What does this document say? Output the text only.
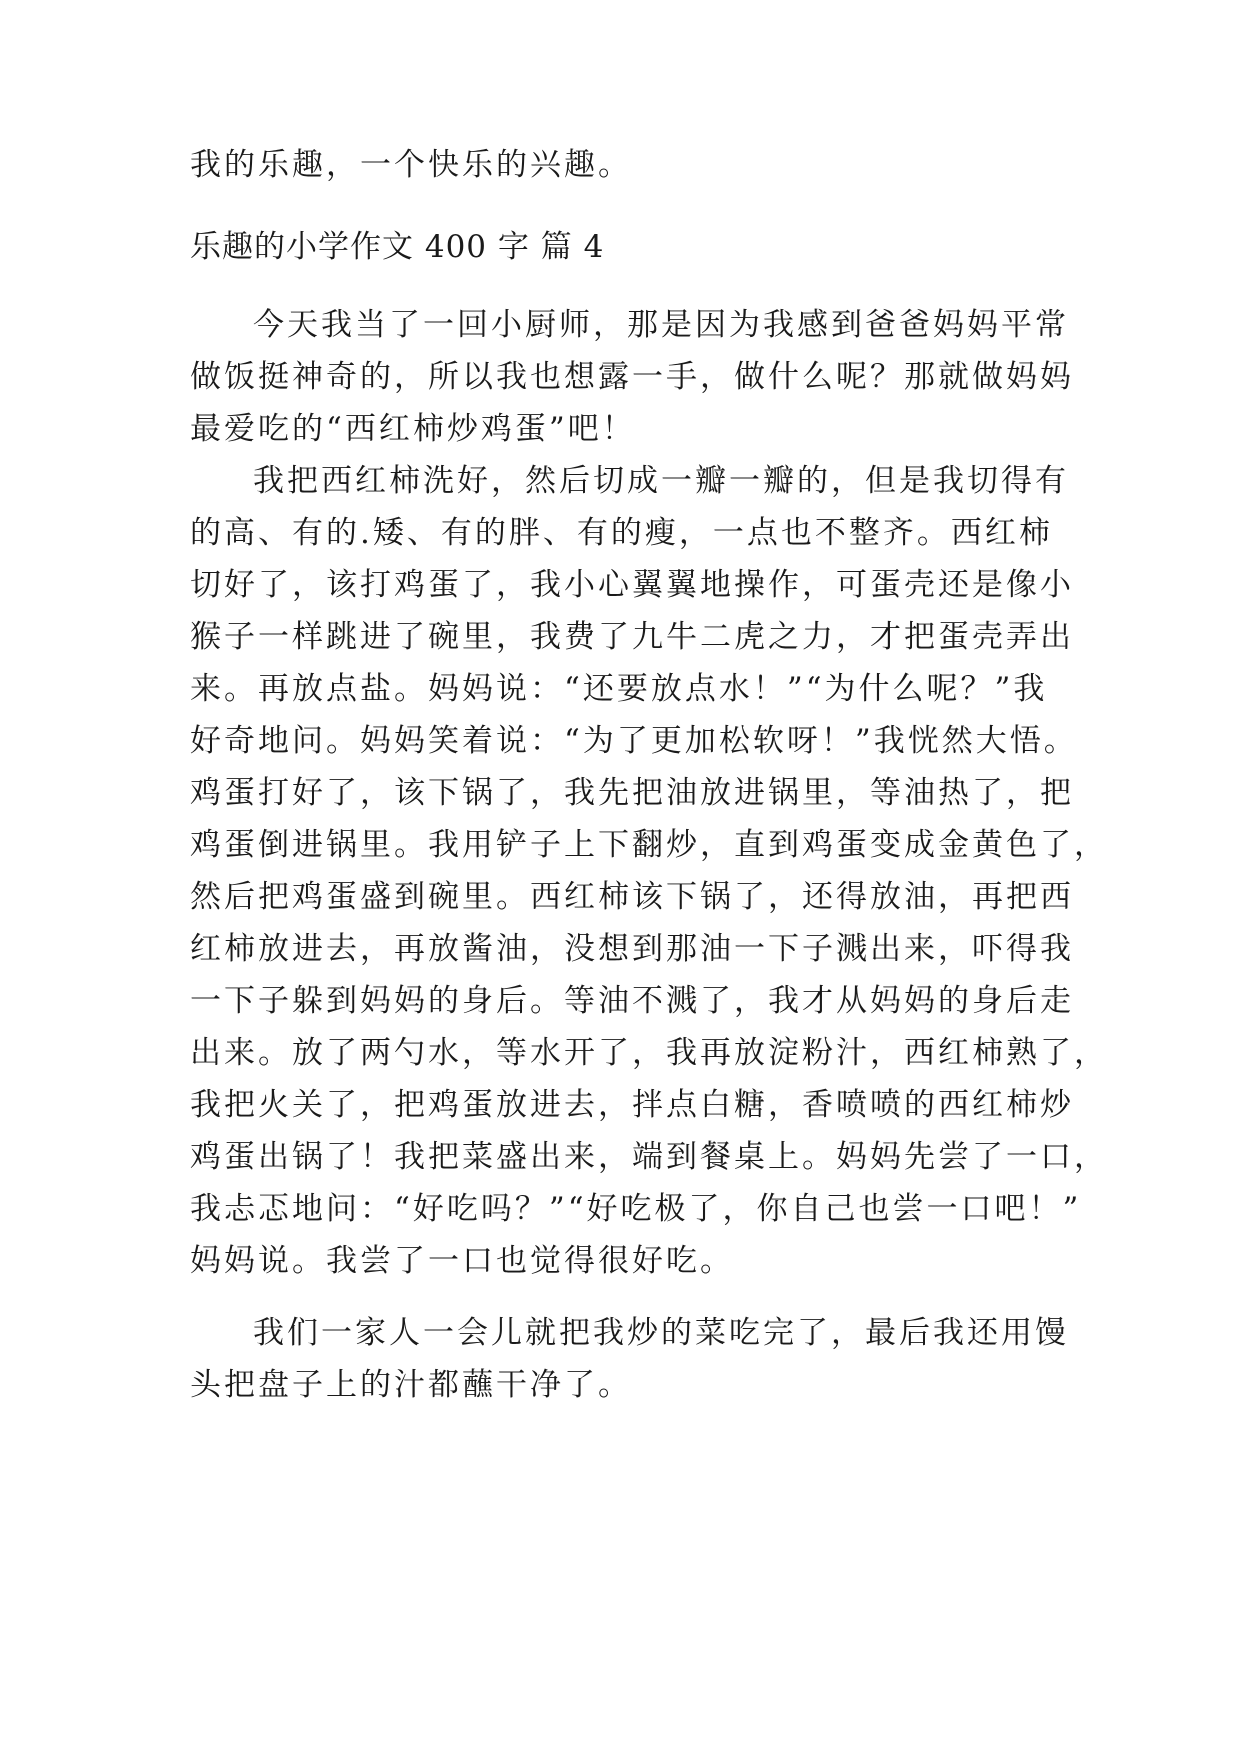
我的乐趣，一个快乐的兴趣。
乐趣的小学作文 400 字 篇 4
今天我当了一回小厨师，那是因为我感到爸爸妈妈平常
做饭挺神奇的，所以我也想露一手，做什么呢？那就做妈妈
最爱吃的“西红柿炒鸡蛋”吧！
我把西红柿洗好，然后切成一瓣一瓣的，但是我切得有
的高、有的.矮、有的胖、有的瘦，一点也不整齐。西红柿
切好了，该打鸡蛋了，我小心翼翼地操作，可蛋壳还是像小
猴子一样跳进了碗里，我费了九牛二虎之力，才把蛋壳弄出
来。再放点盐。妈妈说：“还要放点水！”“为什么呢？”我
好奇地问。妈妈笑着说：“为了更加松软呀！”我恍然大悟。
鸡蛋打好了，该下锅了，我先把油放进锅里，等油热了，把
鸡蛋倒进锅里。我用铲子上下翻炒，直到鸡蛋变成金黄色了，
然后把鸡蛋盛到碗里。西红柿该下锅了，还得放油，再把西
红柿放进去，再放酱油，没想到那油一下子溅出来，吓得我
一下子躲到妈妈的身后。等油不溅了，我才从妈妈的身后走
出来。放了两勺水，等水开了，我再放淀粉汁，西红柿熟了，
我把火关了，把鸡蛋放进去，拌点白糖，香喷喷的西红柿炒
鸡蛋出锅了！我把菜盛出来，端到餐桌上。妈妈先尝了一口，
我忐忑地问：“好吃吗？”“好吃极了，你自己也尝一口吧！”
妈妈说。我尝了一口也觉得很好吃。
我们一家人一会儿就把我炒的菜吃完了，最后我还用馒
头把盘子上的汁都蘸干净了。
